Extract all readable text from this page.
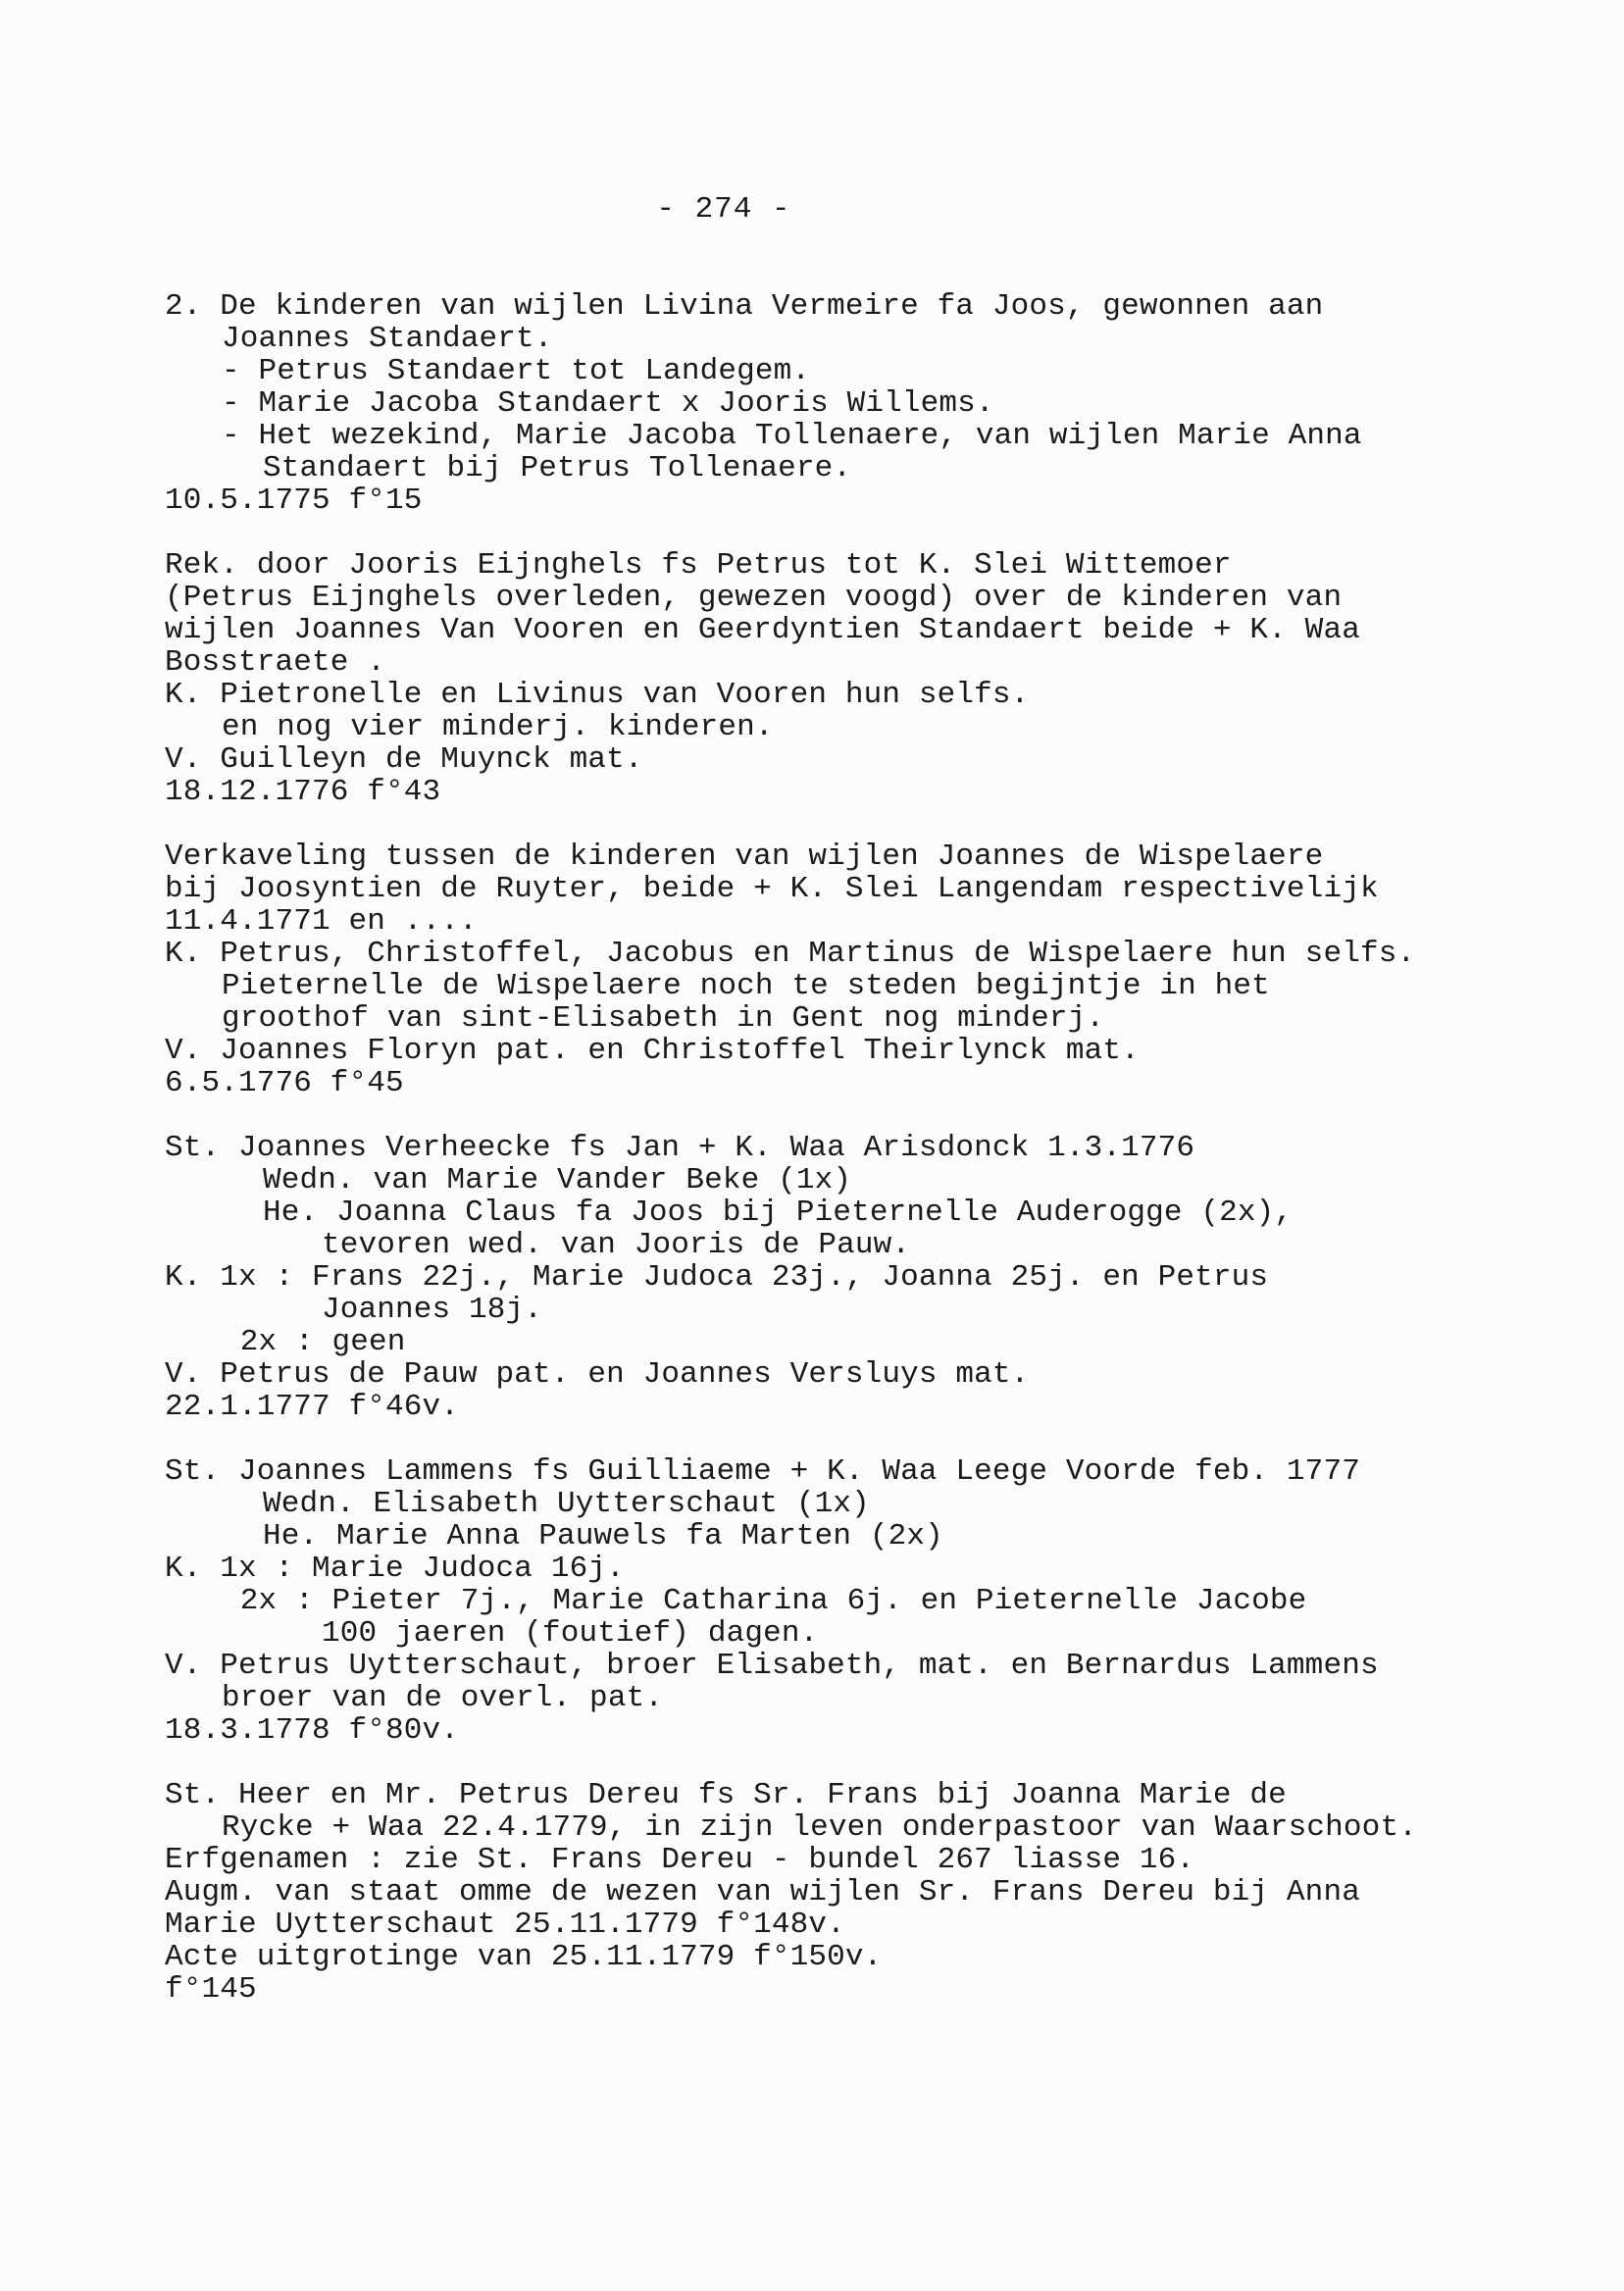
- 274 -
2. De kinderen van wijlen Livina Vermeire fa Joos, gewonnen aan
Joannes Standaert.
- Petrus Standaert tot Landegem.
- Marie Jacoba Standaert x Jooris Willems.
- Het wezekind, Marie Jacoba Tollenaere, van wijlen Marie Anna
Standaert bij Petrus Tollenaere.
10.5.1775 f°15
Rek. door Jooris Eijnghels fs Petrus tot K. Slei Wittemoer
(Petrus Eijnghels overleden, gewezen voogd) over de kinderen van
wijlen Joannes Van Vooren en Geerdyntien Standaert beide + K. Waa
Bosstraete .
K. Pietronelle en Livinus van Vooren hun selfs.
en nog vier minderj. kinderen.
V. Guilleyn de Muynck mat.
18.12.1776 f°43
Verkaveling tussen de kinderen van wijlen Joannes de Wispelaere
bij Joosyntien de Ruyter, beide + K. Slei Langendam respectivelijk
11.4.1771 en ....
K. Petrus, Christoffel, Jacobus en Martinus de Wispelaere hun selfs.
Pieternelle de Wispelaere noch te steden begijntje in het
groothof van sint-Elisabeth in Gent nog minderj.
V. Joannes Floryn pat. en Christoffel Theirlynck mat.
6.5.1776 f°45
St. Joannes Verheecke fs Jan + K. Waa Arisdonck 1.3.1776
Wedn. van Marie Vander Beke (1x)
He. Joanna Claus fa Joos bij Pieternelle Auderogge (2x),
tevoren wed. van Jooris de Pauw.
K. 1x : Frans 22j., Marie Judoca 23j., Joanna 25j. en Petrus
Joannes 18j.
2x : geen
V. Petrus de Pauw pat. en Joannes Versluys mat.
22.1.1777 f°46v.
St. Joannes Lammens fs Guilliaeme + K. Waa Leege Voorde feb. 1777
Wedn. Elisabeth Uytterschaut (1x)
He. Marie Anna Pauwels fa Marten (2x)
K. 1x : Marie Judoca 16j.
2x : Pieter 7j., Marie Catharina 6j. en Pieternelle Jacobe
100 jaeren (foutief) dagen.
V. Petrus Uytterschaut, broer Elisabeth, mat. en Bernardus Lammens
broer van de overl. pat.
18.3.1778 f°80v.
St. Heer en Mr. Petrus Dereu fs Sr. Frans bij Joanna Marie de
Rycke + Waa 22.4.1779, in zijn leven onderpastoor van Waarschoot.
Erfgenamen : zie St. Frans Dereu - bundel 267 liasse 16.
Augm. van staat omme de wezen van wijlen Sr. Frans Dereu bij Anna
Marie Uytterschaut 25.11.1779 f°148v.
Acte uitgrotinge van 25.11.1779 f°150v.
f°145
